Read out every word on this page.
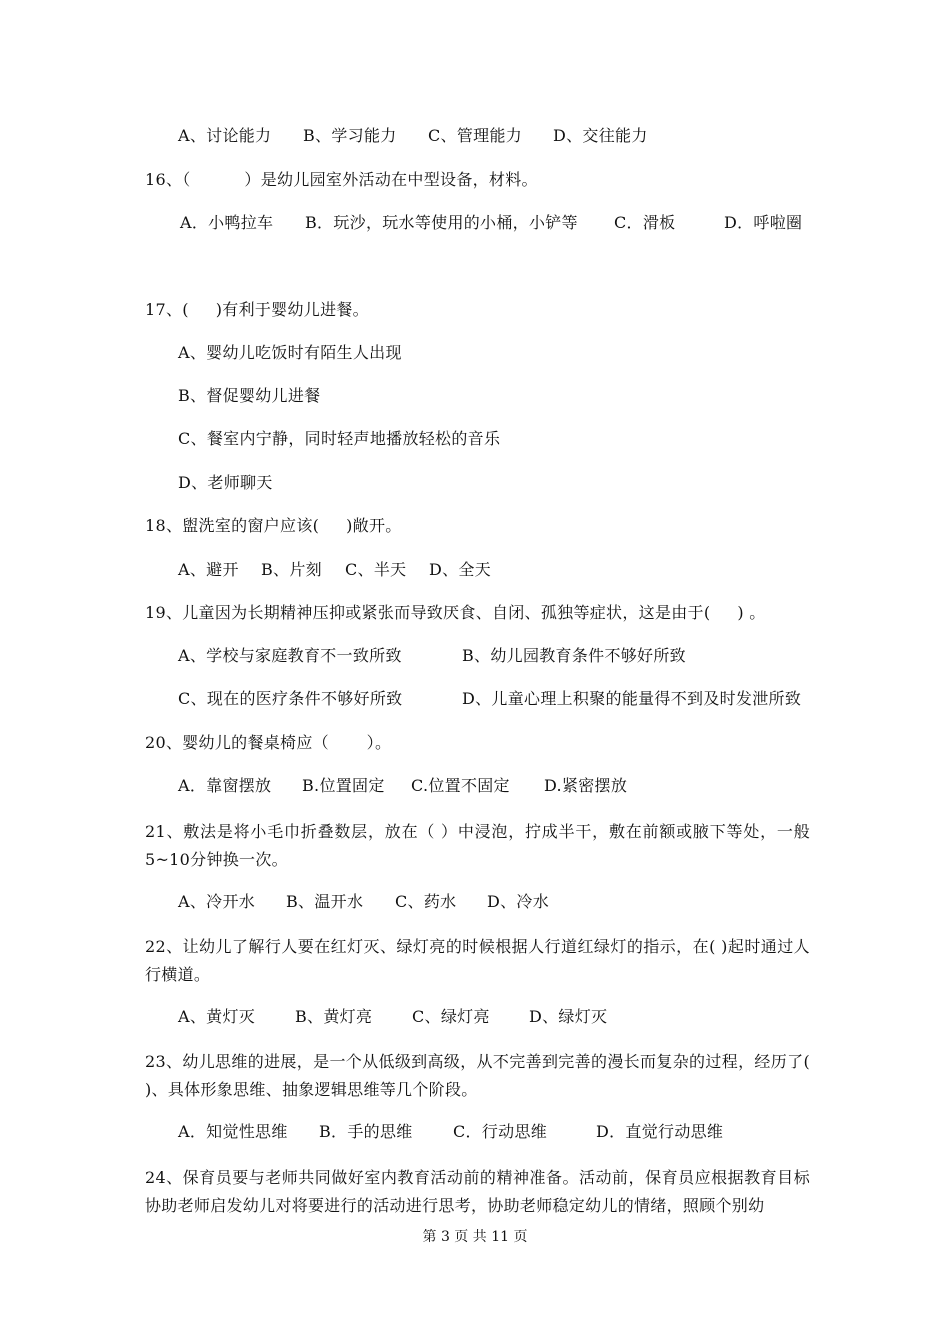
A、讨论能力 B、学习能力 C、管理能力 D、交往能力
16、（          ）是幼儿园室外活动在中型设备，材料。
A．小鸭拉车 B．玩沙，玩水等使用的小桶，小铲等 C．滑板	D．呼啦圈
17、(     )有利于婴幼儿进餐。
A、婴幼儿吃饭时有陌生人出现
B、督促婴幼儿进餐
C、餐室内宁静，同时轻声地播放轻松的音乐
D、老师聊天
18、盥洗室的窗户应该(     )敞开。
A、避开 B、片刻 C、半天 D、全天
19、儿童因为长期精神压抑或紧张而导致厌食、自闭、孤独等症状，这是由于(     ) 。
A、学校与家庭教育不一致所致	B、幼儿园教育条件不够好所致
C、现在的医疗条件不够好所致	D、儿童心理上积聚的能量得不到及时发泄所致
20、婴幼儿的餐桌椅应（       ）。
A．靠窗摆放 B.位置固定 C.位置不固定 D.紧密摆放
21、敷法是将小毛巾折叠数层，放在（ ）中浸泡，拧成半干，敷在前额或腋下等处，一般5~10分钟换一次。
A、冷开水 B、温开水 C、药水 D、冷水
22、让幼儿了解行人要在红灯灭、绿灯亮的时候根据人行道红绿灯的指示，在( )起时通过人行横道。
A、黄灯灭 B、黄灯亮 C、绿灯亮 D、绿灯灭
23、幼儿思维的进展，是一个从低级到高级，从不完善到完善的漫长而复杂的过程，经历了( )、具体形象思维、抽象逻辑思维等几个阶段。
A．知觉性思维 B．手的思维	C．行动思维	D．直觉行动思维
24、保育员要与老师共同做好室内教育活动前的精神准备。活动前，保育员应根据教育目标协助老师启发幼儿对将要进行的活动进行思考，协助老师稳定幼儿的情绪，照顾个别幼
第 3 页 共 11 页
